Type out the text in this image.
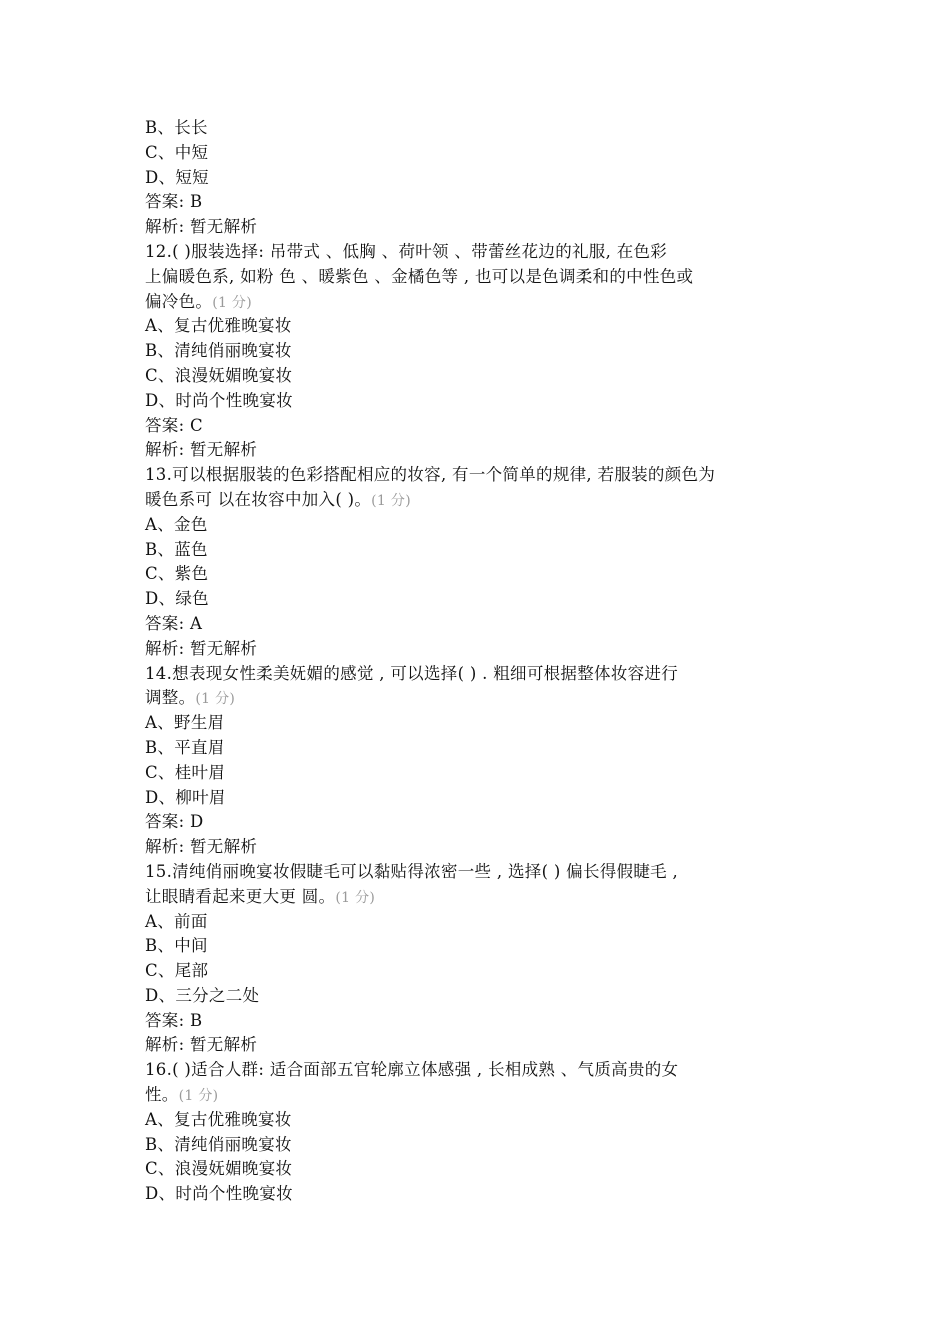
B、长长
C、中短
D、短短
答案: B
解析: 暂无解析
12.( )服装选择: 吊带式 、低胸 、荷叶领 、带蕾丝花边的礼服, 在色彩
上偏暖色系, 如粉 色 、暖紫色 、金橘色等 , 也可以是色调柔和的中性色或
偏冷色。(1 分)
A、复古优雅晚宴妆
B、清纯俏丽晚宴妆
C、浪漫妩媚晚宴妆
D、时尚个性晚宴妆
答案: C
解析: 暂无解析
13.可以根据服装的色彩搭配相应的妆容, 有一个简单的规律, 若服装的颜色为
暖色系可 以在妆容中加入( )。(1 分)
A、金色
B、蓝色
C、紫色
D、绿色
答案: A
解析: 暂无解析
14.想表现女性柔美妩媚的感觉 , 可以选择( ) . 粗细可根据整体妆容进行
调整。(1 分)
A、野生眉
B、平直眉
C、桂叶眉
D、柳叶眉
答案: D
解析: 暂无解析
15.清纯俏丽晚宴妆假睫毛可以黏贴得浓密一些 , 选择( ) 偏长得假睫毛 ,
让眼睛看起来更大更 圆。(1 分)
A、前面
B、中间
C、尾部
D、三分之二处
答案: B
解析: 暂无解析
16.( )适合人群: 适合面部五官轮廓立体感强 , 长相成熟 、气质高贵的女
性。(1 分)
A、复古优雅晚宴妆
B、清纯俏丽晚宴妆
C、浪漫妩媚晚宴妆
D、时尚个性晚宴妆
